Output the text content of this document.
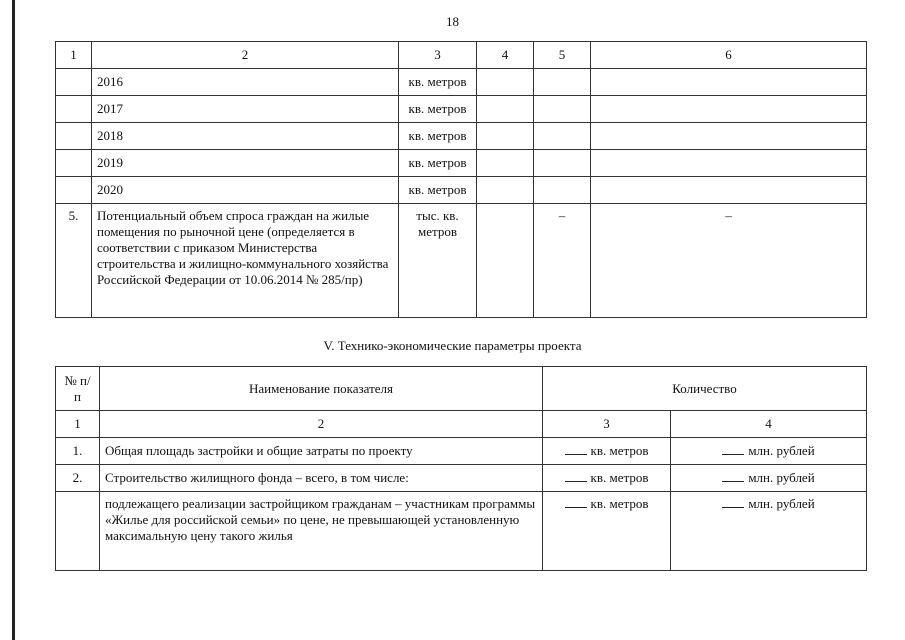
18
1	2	3	4	5	6
	2016	кв. метров			
	2017	кв. метров			
	2018	кв. метров			
	2019	кв. метров			
	2020	кв. метров			
5.	Потенциальный объем спроса граждан на жилые помещения по рыночной цене (определяется в соответствии с приказом Министерства строительства и жилищно-коммунального хозяйства Российской Федерации от 10.06.2014 № 285/пр)	тыс. кв. метров		–	–
V. Технико-экономические параметры проекта
№ п/п	Наименование показателя	Количество	
1	2	3	4
1.	Общая площадь застройки и общие затраты по проекту	кв. метров	млн. рублей
2.	Строительство жилищного фонда – всего, в том числе:	кв. метров	млн. рублей
	подлежащего реализации застройщиком гражданам – участникам программы «Жилье для российской семьи» по цене, не превышающей установленную максимальную цену такого жилья	кв. метров	млн. рублей
